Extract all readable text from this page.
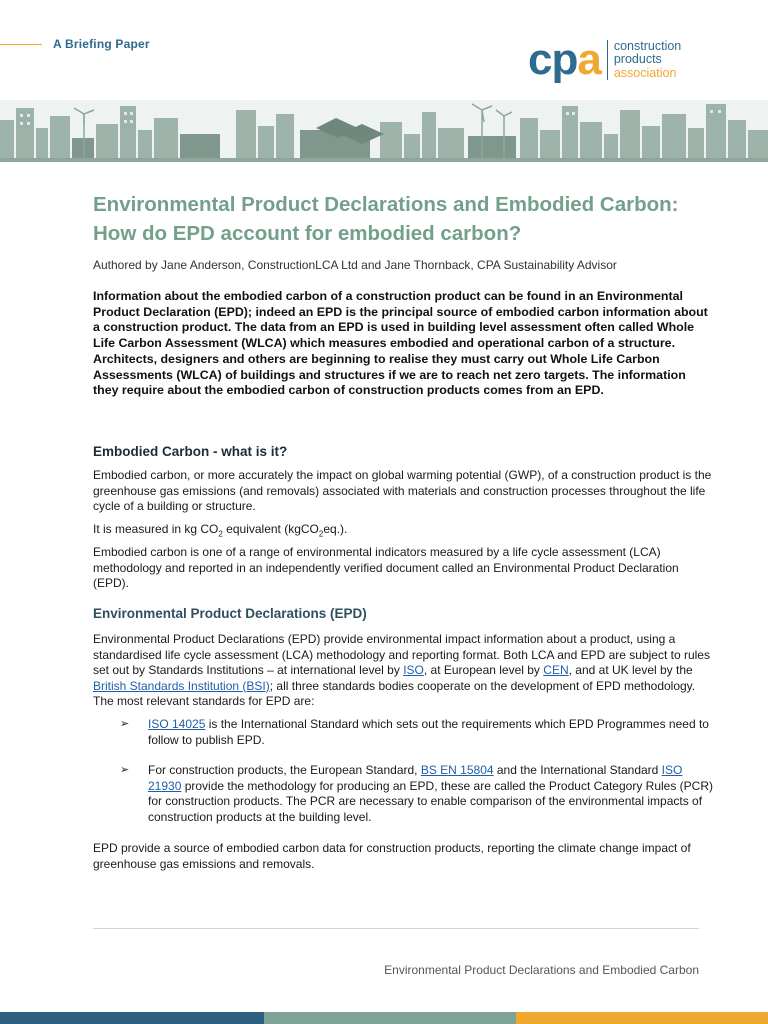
A Briefing Paper	cpa construction
products
association
Environmental Product Declarations and Embodied Carbon: How do EPD account for embodied carbon?
Authored by Jane Anderson, ConstructionLCA Ltd and Jane Thornback, CPA Sustainability Advisor
Information about the embodied carbon of a construction product can be found in an Environmental Product Declaration (EPD); indeed an EPD is the principal source of embodied carbon information about a construction product. The data from an EPD is used in building level assessment often called Whole Life Carbon Assessment (WLCA) which measures embodied and operational carbon of a structure. Architects, designers and others are beginning to realise they must carry out Whole Life Carbon Assessments (WLCA) of buildings and structures if we are to reach net zero targets. The information they require about the embodied carbon of construction products comes from an EPD.
Embodied Carbon - what is it?
Embodied carbon, or more accurately the impact on global warming potential (GWP), of a construction product is the greenhouse gas emissions (and removals) associated with materials and construction processes throughout the life cycle of a building or structure.
It is measured in kg $CO_2$ equivalent (kgCO$_2$eq.).
Embodied carbon is one of a range of environmental indicators measured by a life cycle assessment (LCA) methodology and reported in an independently verified document called an Environmental Product Declaration (EPD).
Environmental Product Declarations (EPD)
Environmental Product Declarations (EPD) provide environmental impact information about a product, using a standardised life cycle assessment (LCA) methodology and reporting format. Both LCA and EPD are subject to rules set out by Standards Institutions – at international level by ISO, at European level by CEN, and at UK level by the British Standards Institution (BSI); all three standards bodies cooperate on the development of EPD methodology. The most relevant standards for EPD are:
➢	ISO 14025 is the International Standard which sets out the requirements which EPD Programmes need to follow to publish EPD.
➢	For construction products, the European Standard, BS EN 15804 and the International Standard ISO 21930 provide the methodology for producing an EPD, these are called the Product Category Rules (PCR) for construction products. The PCR are necessary to enable comparison of the environmental impacts of construction products at the building level.
EPD provide a source of embodied carbon data for construction products, reporting the climate change impact of greenhouse gas emissions and removals.
Environmental Product Declarations and Embodied Carbon
